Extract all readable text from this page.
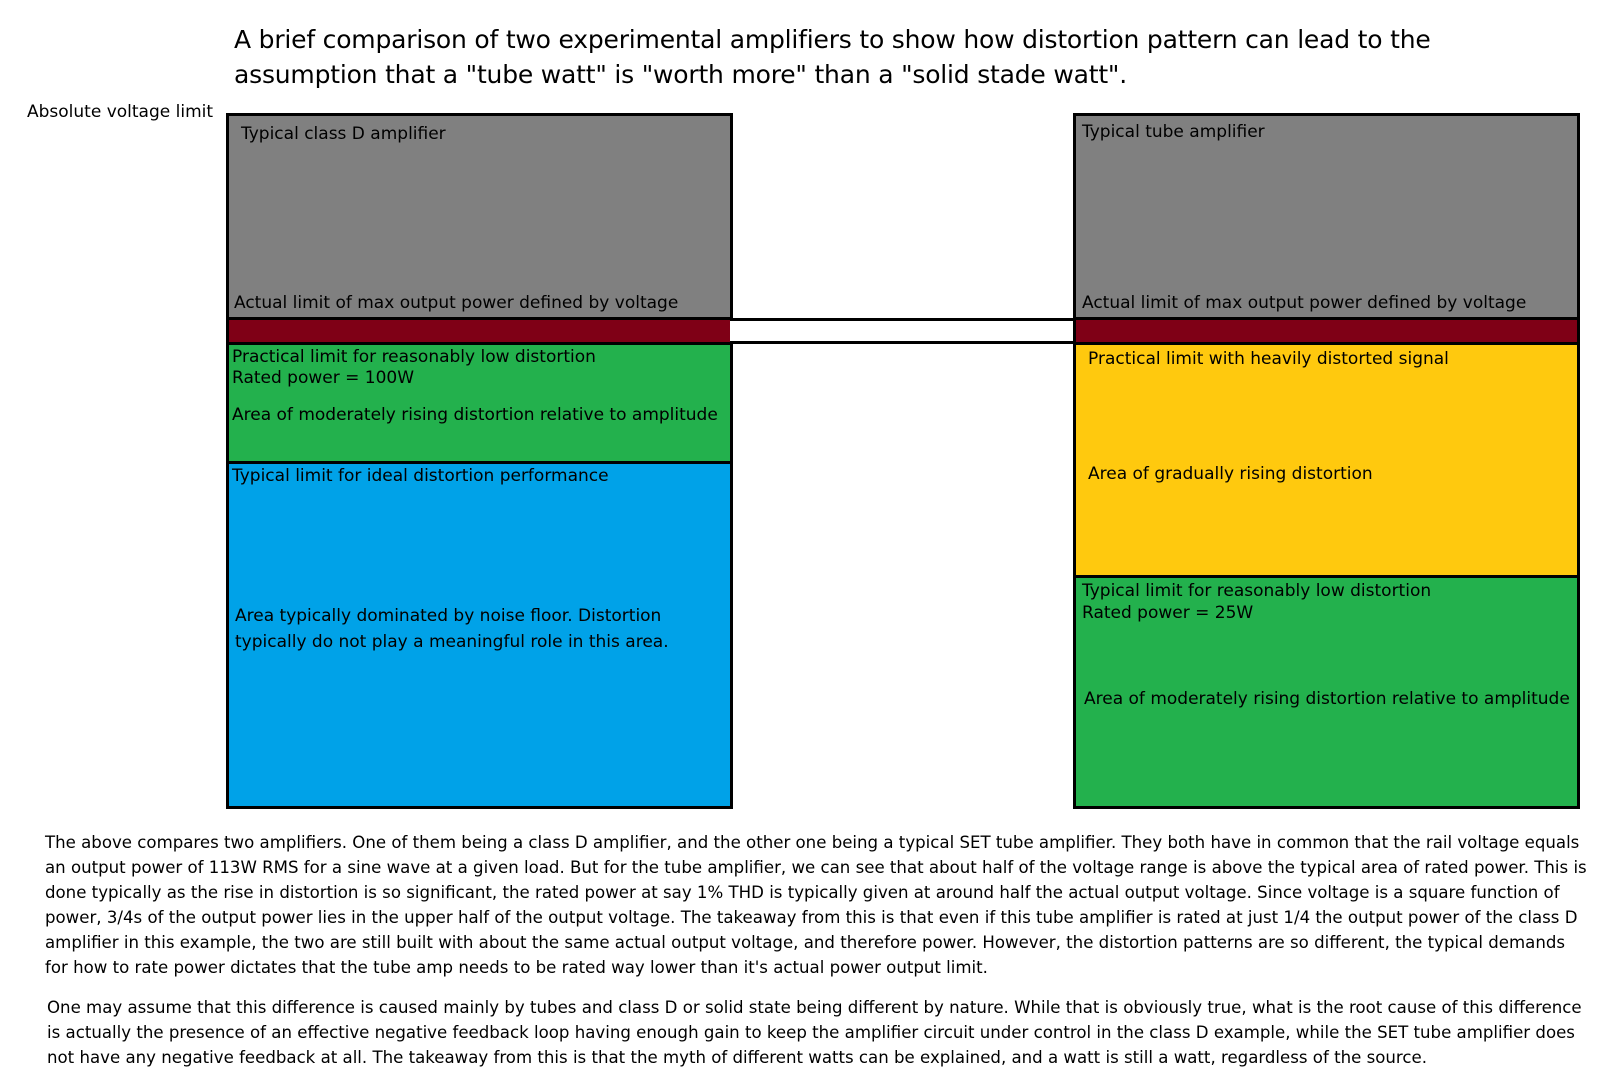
A brief comparison of two experimental amplifiers to show how distortion pattern can lead to the
assumption that a "tube watt" is "worth more" than a "solid stade watt".
Absolute voltage limit
Typical class D amplifier
Actual limit of max output power defined by voltage
Practical limit for reasonably low distortion
Rated power = 100W
Area of moderately rising distortion relative to amplitude
Typical limit for ideal distortion performance
Area typically dominated by noise floor. Distortion
typically do not play a meaningful role in this area.
Typical tube amplifier
Actual limit of max output power defined by voltage
Practical limit with heavily distorted signal
Area of gradually rising distortion
Typical limit for reasonably low distortion
Rated power = 25W
Area of moderately rising distortion relative to amplitude
The above compares two amplifiers. One of them being a class D amplifier, and the other one being a typical SET tube amplifier. They both have in common that the rail voltage equals
an output power of 113W RMS for a sine wave at a given load. But for the tube amplifier, we can see that about half of the voltage range is above the typical area of rated power. This is
done typically as the rise in distortion is so significant, the rated power at say 1% THD is typically given at around half the actual output voltage. Since voltage is a square function of
power, 3/4s of the output power lies in the upper half of the output voltage. The takeaway from this is that even if this tube amplifier is rated at just 1/4 the output power of the class D
amplifier in this example, the two are still built with about the same actual output voltage, and therefore power. However, the distortion patterns are so different, the typical demands
for how to rate power dictates that the tube amp needs to be rated way lower than it's actual power output limit.
One may assume that this difference is caused mainly by tubes and class D or solid state being different by nature. While that is obviously true, what is the root cause of this difference
is actually the presence of an effective negative feedback loop having enough gain to keep the amplifier circuit under control in the class D example, while the SET tube amplifier does
not have any negative feedback at all. The takeaway from this is that the myth of different watts can be explained, and a watt is still a watt, regardless of the source.
